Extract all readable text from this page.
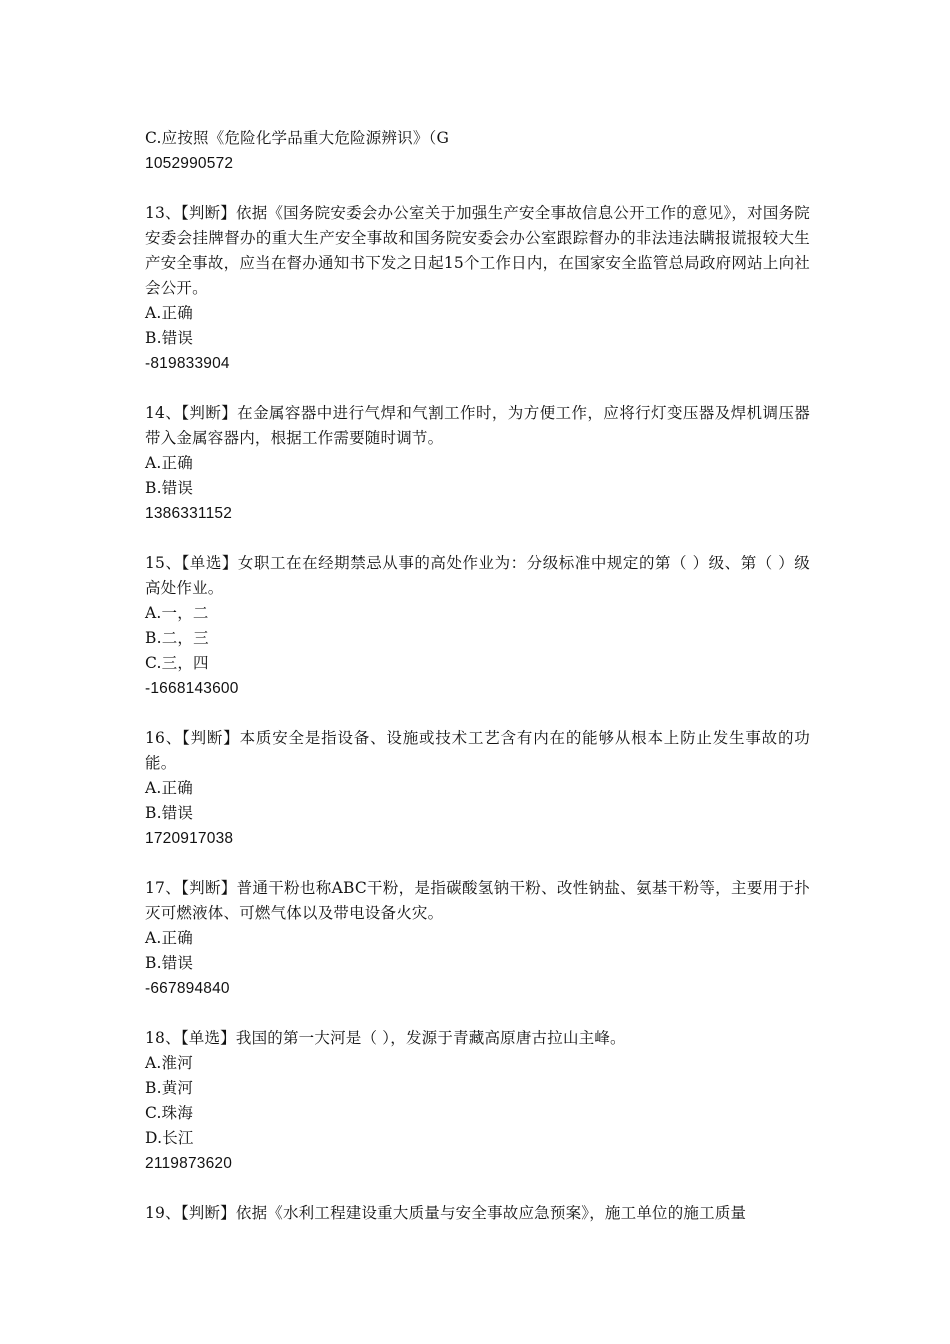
C.应按照《危险化学品重大危险源辨识》（G
1052990572
13、【判断】依据《国务院安委会办公室关于加强生产安全事故信息公开工作的意见》，对国务院安委会挂牌督办的重大生产安全事故和国务院安委会办公室跟踪督办的非法违法瞒报谎报较大生产安全事故，应当在督办通知书下发之日起15个工作日内，在国家安全监管总局政府网站上向社会公开。
A.正确
B.错误
-819833904
14、【判断】在金属容器中进行气焊和气割工作时，为方便工作，应将行灯变压器及焊机调压器带入金属容器内，根据工作需要随时调节。
A.正确
B.错误
1386331152
15、【单选】女职工在在经期禁忌从事的高处作业为：分级标准中规定的第（ ）级、第（ ）级高处作业。
A.一，二
B.二，三
C.三，四
-1668143600
16、【判断】本质安全是指设备、设施或技术工艺含有内在的能够从根本上防止发生事故的功能。
A.正确
B.错误
1720917038
17、【判断】普通干粉也称ABC干粉，是指碳酸氢钠干粉、改性钠盐、氨基干粉等，主要用于扑灭可燃液体、可燃气体以及带电设备火灾。
A.正确
B.错误
-667894840
18、【单选】我国的第一大河是（ ），发源于青藏高原唐古拉山主峰。
A.淮河
B.黄河
C.珠海
D.长江
2119873620
19、【判断】依据《水利工程建设重大质量与安全事故应急预案》，施工单位的施工质量
